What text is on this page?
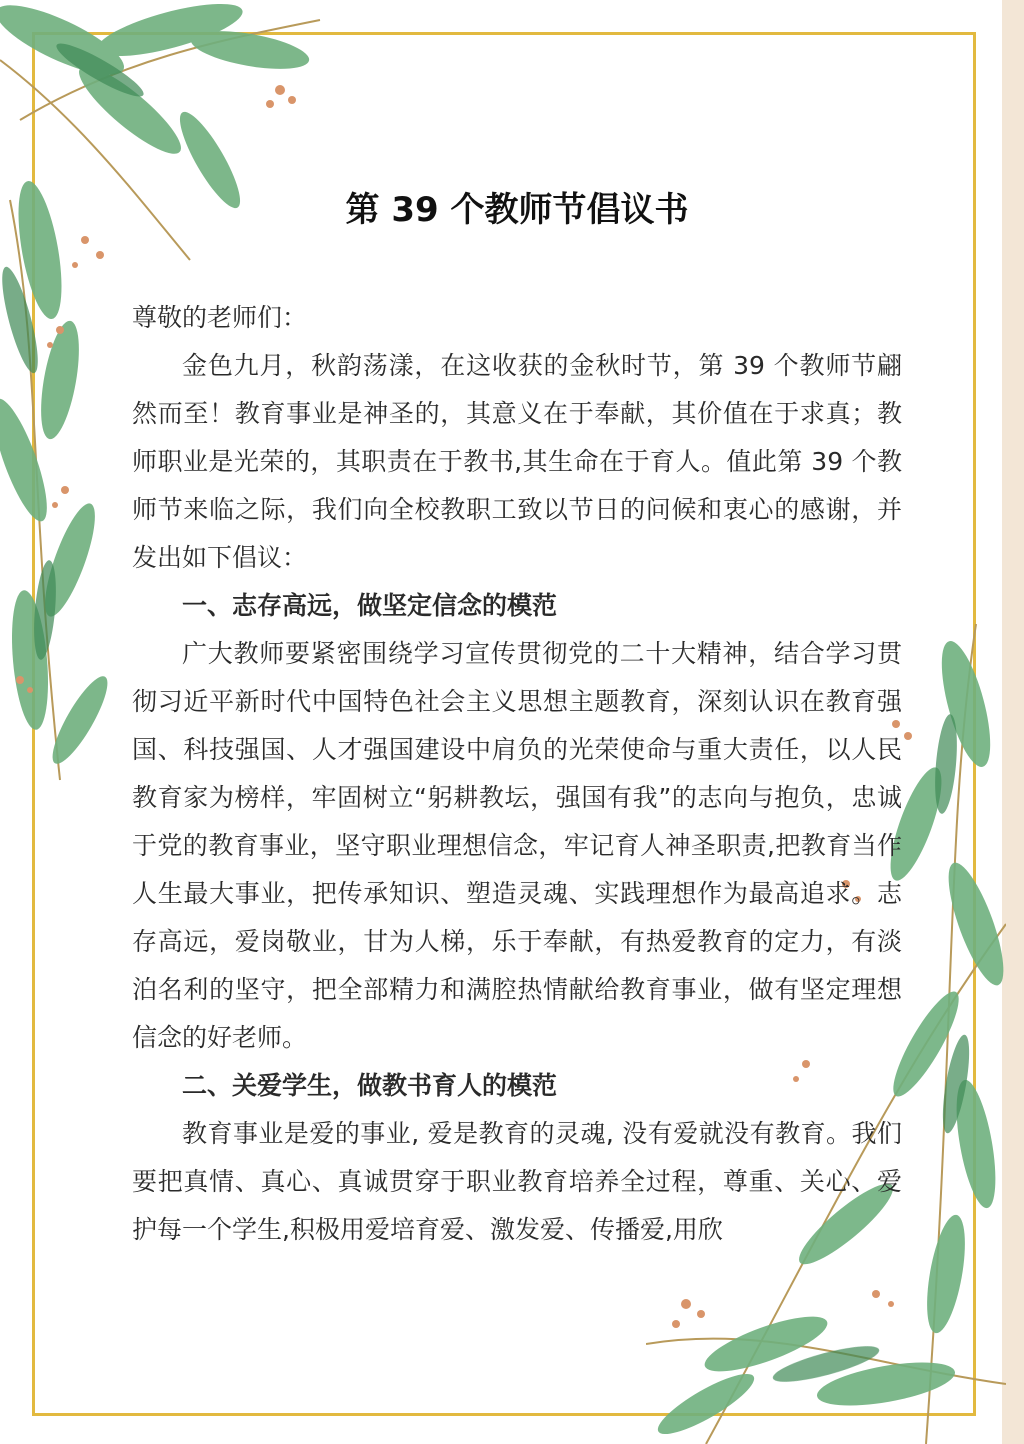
第 39 个教师节倡议书

尊敬的老师们：

金色九月，秋韵荡漾，在这收获的金秋时节，第 39 个教师节翩然而至！教育事业是神圣的，其意义在于奉献，其价值在于求真；教师职业是光荣的，其职责在于教书,其生命在于育人。值此第 39 个教师节来临之际，我们向全校教职工致以节日的问候和衷心的感谢，并发出如下倡议：

一、志存高远，做坚定信念的模范

广大教师要紧密围绕学习宣传贯彻党的二十大精神，结合学习贯彻习近平新时代中国特色社会主义思想主题教育，深刻认识在教育强国、科技强国、人才强国建设中肩负的光荣使命与重大责任，以人民教育家为榜样，牢固树立“躬耕教坛，强国有我”的志向与抱负，忠诚于党的教育事业，坚守职业理想信念，牢记育人神圣职责,把教育当作人生最大事业，把传承知识、塑造灵魂、实践理想作为最高追求。志存高远，爱岗敬业，甘为人梯，乐于奉献，有热爱教育的定力，有淡泊名利的坚守，把全部精力和满腔热情献给教育事业，做有坚定理想信念的好老师。

二、关爱学生，做教书育人的模范

教育事业是爱的事业, 爱是教育的灵魂, 没有爱就没有教育。我们要把真情、真心、真诚贯穿于职业教育培养全过程，尊重、关心、爱护每一个学生,积极用爱培育爱、激发爱、传播爱,用欣
